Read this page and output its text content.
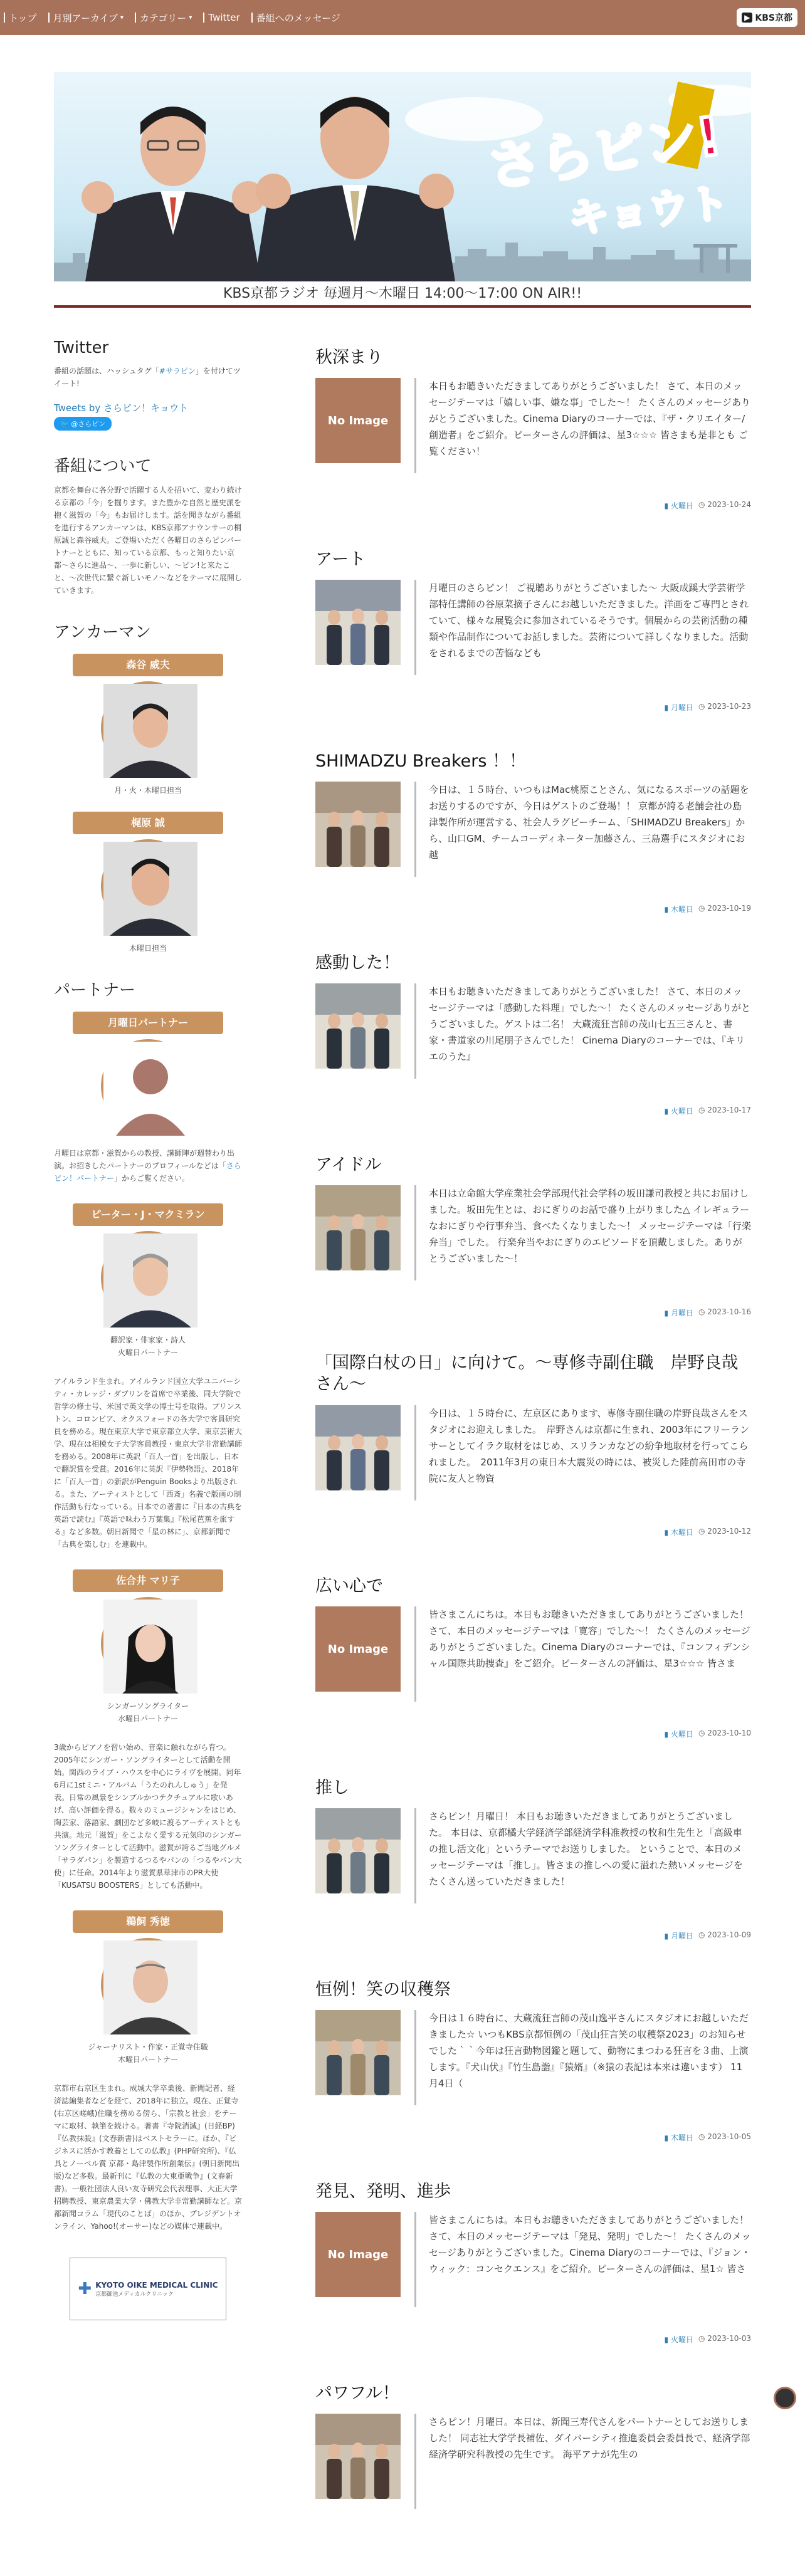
トップ 月別アーカイブ ▾ カテゴリー ▾ Twitter 番組へのメッセージ	▶ KBS京都
さらピン!
キョウト
KBS京都ラジオ 毎週月〜木曜日 14:00〜17:00 ON AIR!!
Twitter

番組の話題は、ハッシュタグ「#サラピン」を付けてツイート!

Tweets by さらピン！キョウト
🐦 @さらピン
番組について

京都を舞台に各分野で活躍する人を招いて、変わり続ける京都の「今」を掘ります。また豊かな自然と歴史派を抱く滋賀の「今」もお届けします。話を聞きながら番組を進行するアンカーマンは、KBS京都アナウンサーの桐原誠と森谷威夫。ご登場いただく各曜日のさらピンパートナーとともに、知っている京都、もっと知りたい京都〜さらに進品〜、一歩に新しい、〜ピン!と来たこと、〜次世代に繋ぐ新しいモノ〜などをテーマに展開していきます。

アンカーマン
森谷 威夫
月・火・木曜日担当
梶原 誠
木曜日担当
パートナー
月曜日パートナー

月曜日は京都・滋賀からの教授、講師陣が週替わり出演。お招きしたパートナーのプロフィールなどは「さらピン！パートナー」からご覧ください。

ピーター・J・マクミラン
翻訳家・俳家家・詩人
火曜日パートナー

アイルランド生まれ。アイルランド国立大学ユニバーシティ・カレッジ・ダブリンを首席で卒業後、同大学院で哲学の修士号、米国で英文学の博士号を取得。プリンストン、コロンビア、オクスフォードの各大学で客員研究員を務める。現在東京大学で東京都立大学、東京芸術大学、現在は相模女子大学客員教授・東京大学非常勤講師を務める。2008年に英訳「百人一首」を出版し、日本で翻訳賞を受賞。2016年に英訳『伊勢物語』、2018年に「百人一首」の新訳がPenguin Booksより出版される。また、アーティストとして「西斎」名義で版画の制作活動も行なっている。日本での著書に『日本の古典を英語で読む』『英語で味わう万葉集』『松尾芭蕉を旅する』など多数。朝日新聞で「星の林に」、京都新聞で「古典を楽しむ」を連載中。

佐合井 マリ子
シンガーソングライター
水曜日パートナー

3歳からピアノを習い始め、音楽に触れながら育つ。2005年にシンガー・ソングライターとして活動を開始。関西のライブ・ハウスを中心にライヴを展開。同年6月に1stミニ・アルバム「うたのれんしゅう」を発表。日常の風景をシンプルかつテクチュアルに歌いあげ、高い評価を得る。数々のミュージシャンをはじめ、陶芸家、落語家、劇団など多岐に渡るアーティストとも共演。地元「滋賀」をこよなく愛する元気印のシンガーソングライターとして活動中。滋賀が誇るご当地グルメ「サラダパン」を製造するつるやパンの「つるやパン大使」に任命。2014年より滋賀県草津市のPR大使「KUSATSU BOOSTERS」としても活動中。

鵜飼 秀徳
ジャーナリスト・作家・正覚寺住職
木曜日パートナー

京都市右京区生まれ。成城大学卒業後、新聞記者、経済誌編集者などを経て、2018年に独立。現在、正覚寺(右京区嵯峨)住職を務める傍ら、「宗教と社会」をテーマに取材、執筆を続ける。著書『寺院消滅』(日経BP)『仏教抹殺』(文春新書)はベストセラーに。ほか、『ビジネスに活かす教養としての仏教』(PHP研究所)、『仏具とノーベル賞 京都・島津製作所創業伝』(朝日新聞出版)など多数。最新刊に『仏教の大東亜戦争』(文春新書)。一般社団法人良い友寺研究会代表理事、大正大学招聘教授、東京農業大学・佛教大学非常勤講師など。京都新聞コラム「現代のことば」のほか、プレジデントオンライン、Yahoo!(オーサー)などの媒体で連載中。

✚ KYOTO OIKE MEDICAL CLINIC
京都御池メディカルクリニック
秋深まり
No Image
本日もお聴きいただきましてありがとうございました！ さて、本日のメッセージテーマは「嬉しい事、嫌な事」でした〜！ たくさんのメッセージありがとうございました。Cinema Diaryのコーナーでは、『ザ・クリエイター/創造者』をご紹介。ピーターさんの評価は、星3☆☆☆ 皆さまも是非とも ご覧ください！
▮ 火曜日 ◷ 2023-10-24
アート
月曜日のさらピン！ ご視聴ありがとうございました〜 大阪成蹊大学芸術学部特任講師の谷原菜摘子さんにお越しいただきました。洋画をご専門とされていて、様々な展覧会に参加されているそうです。個展からの芸術活動の種類や作品制作についてお話しました。芸術について詳しくなりました。活動をされるまでの苦悩なども
▮ 月曜日 ◷ 2023-10-23
SHIMADZU Breakers ！！
今日は、１５時台、いつもはMac桃原ことさん、気になるスポーツの話題をお送りするのですが、今日はゲストのご登場！！ 京都が誇る老舗会社の島津製作所が運営する、社会人ラグビーチーム、「SHIMADZU Breakers」から、山口GM、チームコーディネーター加藤さん、三島選手にスタジオにお越
▮ 木曜日 ◷ 2023-10-19
感動した！
本日もお聴きいただきましてありがとうございました！ さて、本日のメッセージテーマは「感動した料理」でした〜！ たくさんのメッセージありがとうございました。ゲストは二名！ 大蔵流狂言師の茂山七五三さんと、書家・書道家の川尾朋子さんでした！ Cinema Diaryのコーナーでは、『キリエのうた』
▮ 火曜日 ◷ 2023-10-17
アイドル
本日は立命館大学産業社会学部現代社会学科の坂田謙司教授と共にお届けしました。坂田先生とは、おにぎりのお話で盛り上がりました△ イレギュラーなおにぎりや行事弁当、食べたくなりました〜！ メッセージテーマは「行楽弁当」でした。 行楽弁当やおにぎりのエピソードを頂戴しました。ありがとうございました〜！
▮ 月曜日 ◷ 2023-10-16
「国際白杖の日」に向けて。〜専修寺副住職　岸野良哉さん〜
今日は、１５時台に、左京区にあります、専修寺副住職の岸野良哉さんをスタジオにお迎えしました。　岸野さんは京都に生まれ、2003年にフリーランサーとしてイラク取材をはじめ、スリランカなどの紛争地取材を行ってこられました。　2011年3月の東日本大震災の時には、被災した陸前高田市の寺院に友人と物資
▮ 木曜日 ◷ 2023-10-12
広い心で
No Image
皆さまこんにちは。本日もお聴きいただきましてありがとうございました！ さて、本日のメッセージテーマは「寛容」でした〜！ たくさんのメッセージありがとうございました。Cinema Diaryのコーナーでは、『コンフィデンシャル国際共助捜査』をご紹介。ピーターさんの評価は、星3☆☆☆ 皆さま
▮ 火曜日 ◷ 2023-10-10
推し
さらピン！月曜日！ 本日もお聴きいただきましてありがとうございました。 本日は、京都橘大学経済学部経済学科准教授の牧和生先生と「高級車の推し活文化」というテーマでお送りしました。 ということで、本日のメッセージテーマは「推し」。皆さまの推しへの愛に溢れた熱いメッセージをたくさん送っていただきました！
▮ 月曜日 ◷ 2023-10-09
恒例！笑の収穫祭
今日は１６時台に、大蔵流狂言師の茂山逸平さんにスタジオにお越しいただきました☆ いつもKBS京都恒例の「茂山狂言笑の収穫祭2023」のお知らせでした｀｀今年は狂言動物図鑑と題して、動物にまつわる狂言を３曲、上演します。『犬山伏』『竹生島詣』『猿婿』（※猿の表記は本来は違います） 11月4日（
▮ 木曜日 ◷ 2023-10-05
発見、発明、進歩
No Image
皆さまこんにちは。本日もお聴きいただきましてありがとうございました！ さて、本日のメッセージテーマは「発見、発明」でした〜！ たくさんのメッセージありがとうございました。Cinema Diaryのコーナーでは、『ジョン・ウィック：コンセクエンス』をご紹介。ピーターさんの評価は、星1☆ 皆さ
▮ 火曜日 ◷ 2023-10-03
パワフル！
さらピン！月曜日。本日は、新聞三寿代さんをパートナーとしてお送りしました！ 同志社大学学長補佐、ダイバーシティ推進委員会委員長で、経済学部経済学研究科教授の先生です。 海平アナが先生の
